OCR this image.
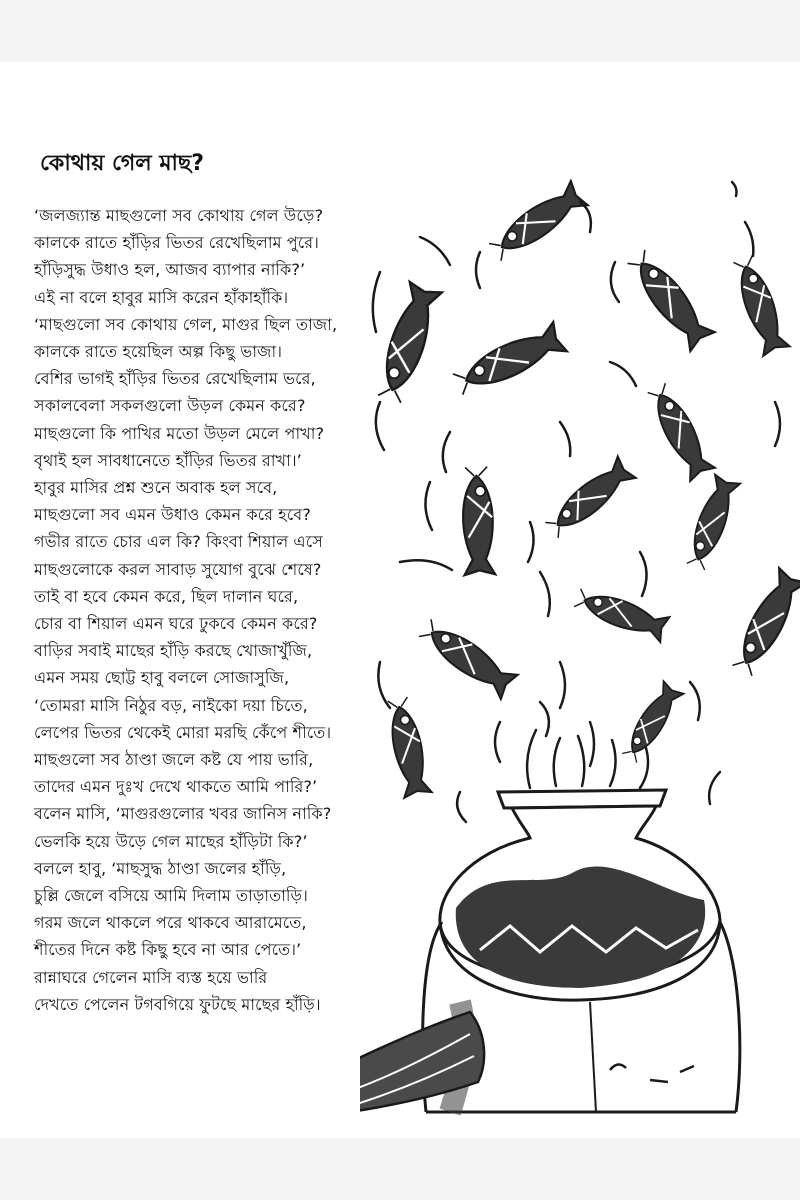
কোথায় গেল মাছ?
‘জলজ্যান্ত মাছগুলো সব কোথায় গেল উড়ে?
কালকে রাতে হাঁড়ির ভিতর রেখেছিলাম পুরে।
হাঁড়িসুদ্ধ উধাও হল, আজব ব্যাপার নাকি?’
এই না বলে হাবুর মাসি করেন হাঁকাহাঁকি।
‘মাছগুলো সব কোথায় গেল, মাগুর ছিল তাজা,
কালকে রাতে হয়েছিল অল্প কিছু ভাজা।
বেশির ভাগই হাঁড়ির ভিতর রেখেছিলাম ভরে,
সকালবেলা সকলগুলো উড়ল কেমন করে?
মাছগুলো কি পাখির মতো উড়ল মেলে পাখা?
বৃথাই হল সাবধানেতে হাঁড়ির ভিতর রাখা।’
হাবুর মাসির প্রশ্ন শুনে অবাক হল সবে,
মাছগুলো সব এমন উধাও কেমন করে হবে?
গভীর রাতে চোর এল কি? কিংবা শিয়াল এসে
মাছগুলোকে করল সাবাড় সুযোগ বুঝে শেষে?
তাই বা হবে কেমন করে, ছিল দালান ঘরে,
চোর বা শিয়াল এমন ঘরে ঢুকবে কেমন করে?
বাড়ির সবাই মাছের হাঁড়ি করছে খোজাখুঁজি,
এমন সময় ছোট্ট হাবু বললে সোজাসুজি,
‘তোমরা মাসি নিঠুর বড়, নাইকো দয়া চিতে,
লেপের ভিতর থেকেই মোরা মরছি কেঁপে শীতে।
মাছগুলো সব ঠাণ্ডা জলে কষ্ট যে পায় ভারি,
তাদের এমন দুঃখ দেখে থাকতে আমি পারি?’
বলেন মাসি, ‘মাগুরগুলোর খবর জানিস নাকি?
ভেলকি হয়ে উড়ে গেল মাছের হাঁড়িটা কি?’
বললে হাবু, ‘মাছসুদ্ধ ঠাণ্ডা জলের হাঁড়ি,
চুল্লি জেলে বসিয়ে আমি দিলাম তাড়াতাড়ি।
গরম জলে থাকলে পরে থাকবে আরামেতে,
শীতের দিনে কষ্ট কিছু হবে না আর পেতে।’
রান্নাঘরে গেলেন মাসি ব্যস্ত হয়ে ভারি
দেখতে পেলেন টগবগিয়ে ফুটছে মাছের হাঁড়ি।
